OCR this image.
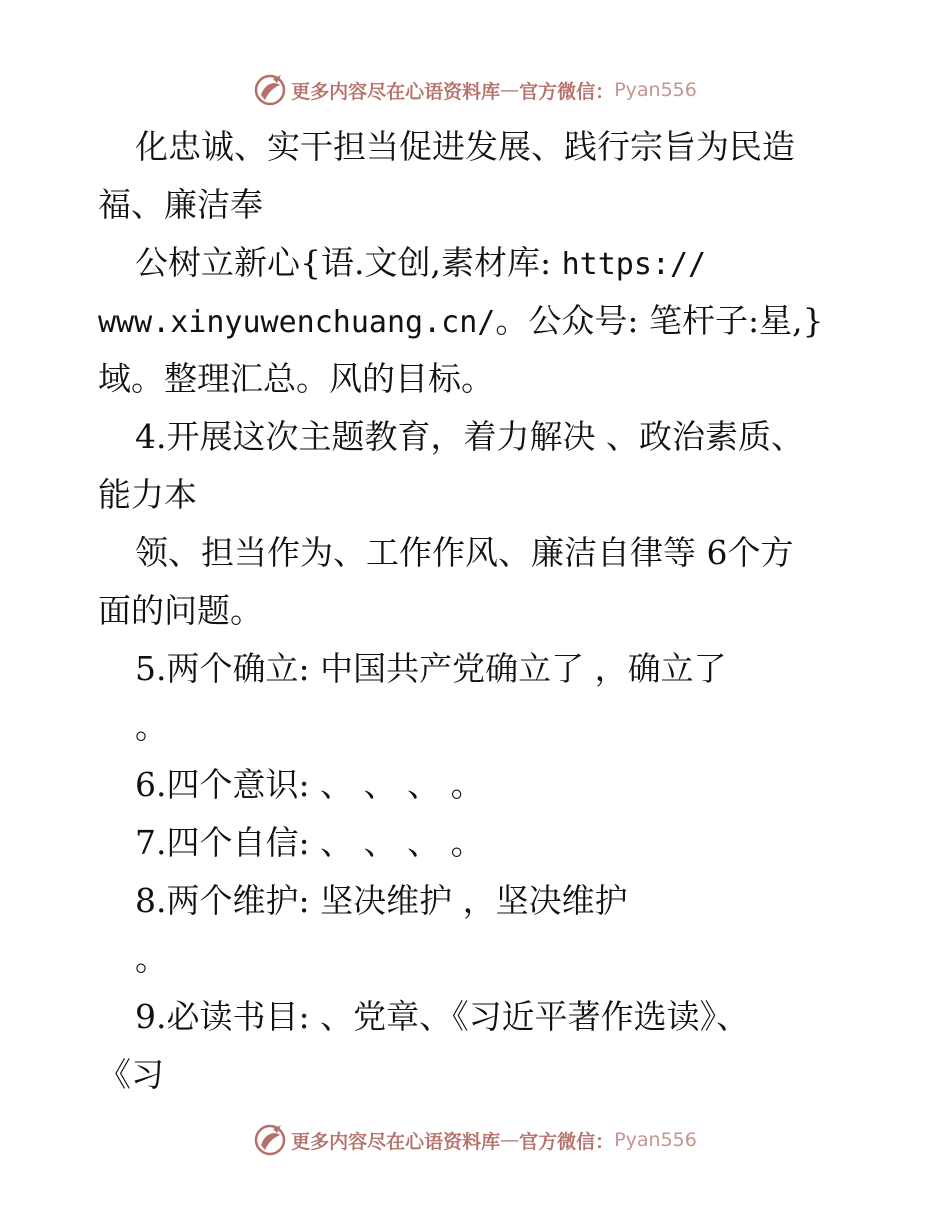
更多内容尽在心语资料库 — 官方微信： Pyan556
化忠诚、实干担当促进发展、践行宗旨为民造
福、廉洁奉
公树立新心{语.文创,素材库: https://
www.xinyuwenchuang.cn/。公众号: 笔杆子:星,}
域。整理汇总。风的目标。
4.开展这次主题教育，着力解决 、政治素质、
能力本
领、担当作为、工作作风、廉洁自律等 6个方
面的问题。
5.两个确立: 中国共产党确立了 ，确立了
。
6.四个意识: 、 、 、 。
7.四个自信: 、 、 、 。
8.两个维护: 坚决维护 ，坚决维护
。
9.必读书目: 、党章、《习近平著作选读》、
《习
更多内容尽在心语资料库 — 官方微信： Pyan556
